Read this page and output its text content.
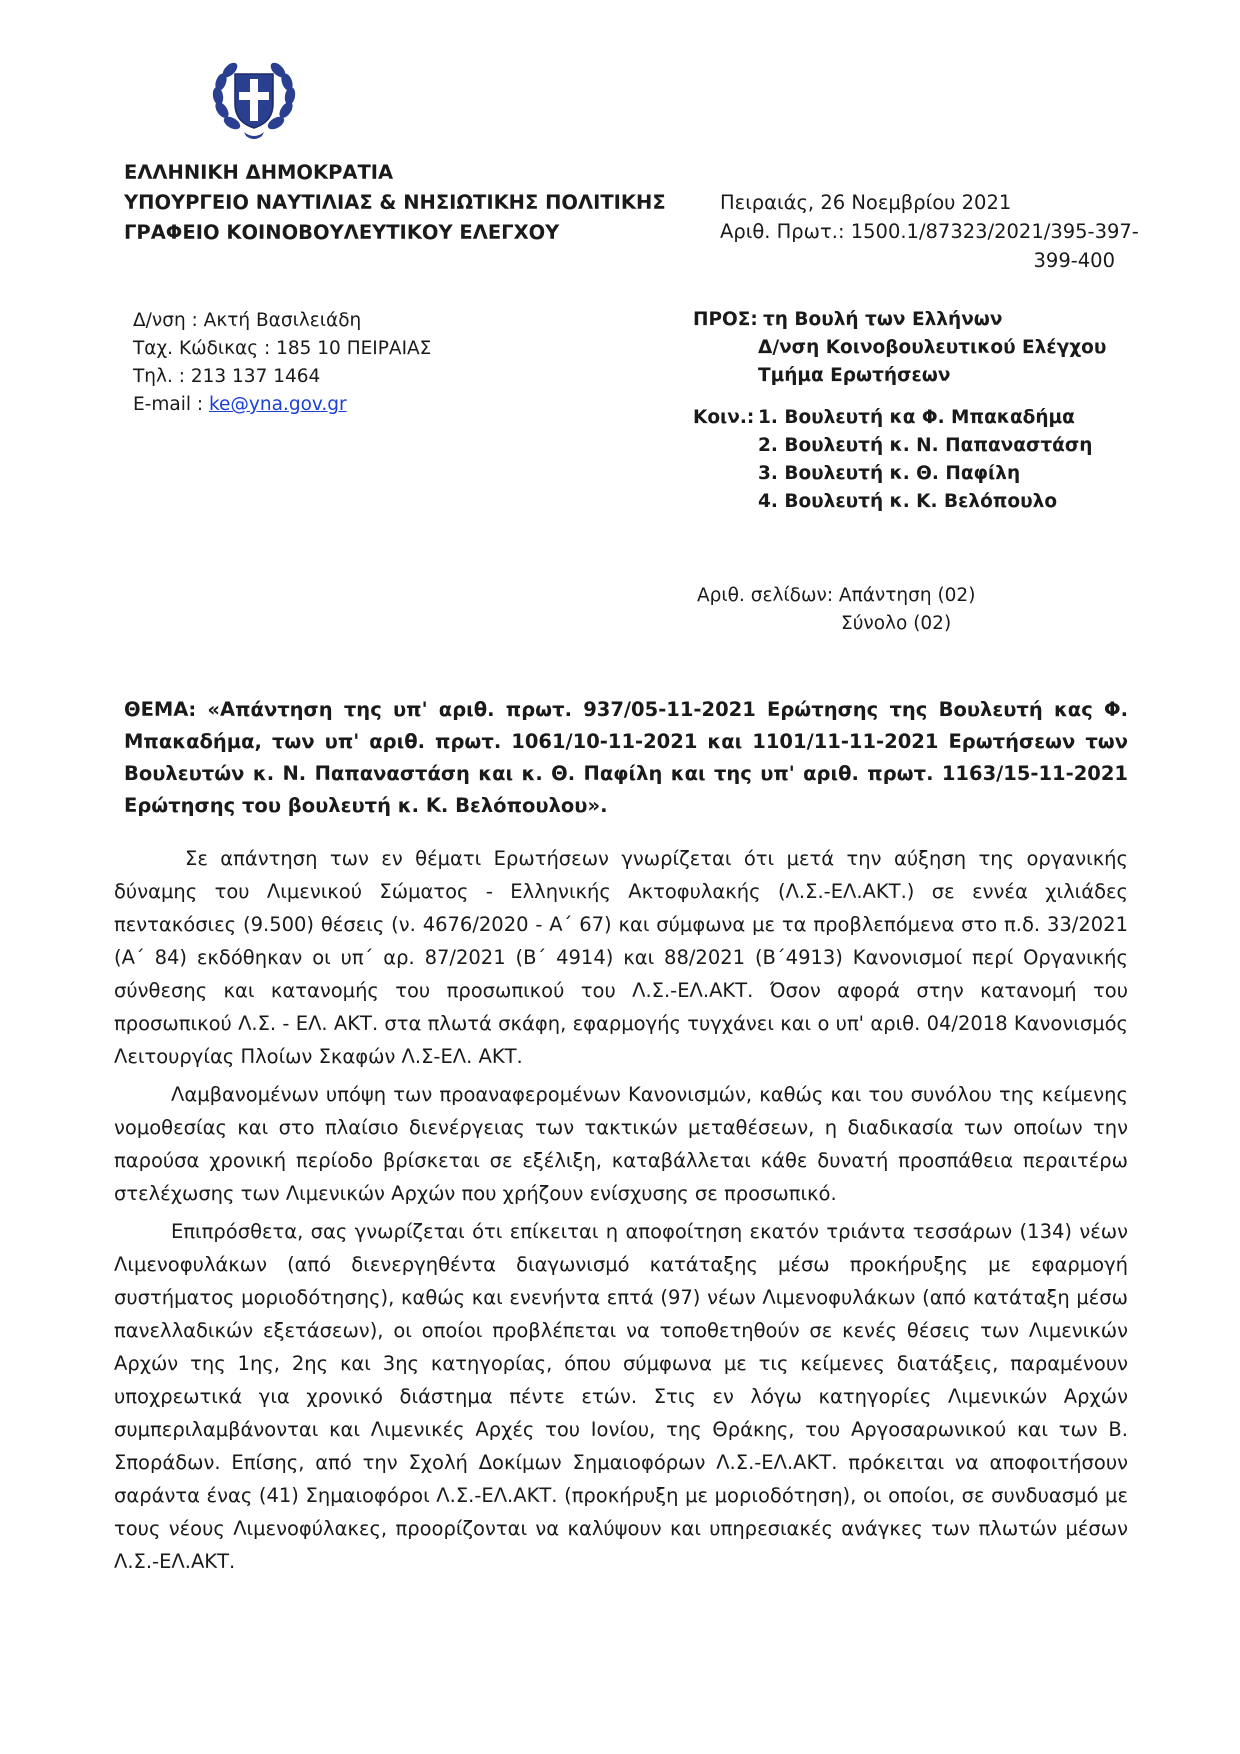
ΕΛΛΗΝΙΚΗ ΔΗΜΟΚΡΑΤΙΑ
ΥΠΟΥΡΓΕΙΟ ΝΑΥΤΙΛΙΑΣ & ΝΗΣΙΩΤΙΚΗΣ ΠΟΛΙΤΙΚΗΣ
ΓΡΑΦΕΙΟ ΚΟΙΝΟΒΟΥΛΕΥΤΙΚΟΥ ΕΛΕΓΧΟΥ
Πειραιάς, 26 Νοεμβρίου 2021
Αριθ. Πρωτ.: 1500.1/87323/2021/395-397-
399-400
Δ/νση : Ακτή Βασιλειάδη
Ταχ. Κώδικας : 185 10 ΠΕΙΡΑΙΑΣ
Τηλ. : 213 137 1464
E-mail : ke@yna.gov.gr
ΠΡΟΣ: τη Βουλή των Ελλήνων
Δ/νση Κοινοβουλευτικού Ελέγχου
Τμήμα Ερωτήσεων
Κοιν.: 1. Βουλευτή κα Φ. Μπακαδήμα
2. Βουλευτή κ. Ν. Παπαναστάση
3. Βουλευτή κ. Θ. Παφίλη
4. Βουλευτή κ. Κ. Βελόπουλο
Αριθ. σελίδων: Απάντηση (02)
Σύνολο (02)
ΘΕΜΑ: «Απάντηση της υπ' αριθ. πρωτ. 937/05-11-2021 Ερώτησης της Βουλευτή κας Φ. Μπακαδήμα, των υπ' αριθ. πρωτ. 1061/10-11-2021 και 1101/11-11-2021 Ερωτήσεων των Βουλευτών κ. Ν. Παπαναστάση και κ. Θ. Παφίλη και της υπ' αριθ. πρωτ. 1163/15-11-2021 Ερώτησης του βουλευτή κ. Κ. Βελόπουλου».

Σε απάντηση των εν θέματι Ερωτήσεων γνωρίζεται ότι μετά την αύξηση της οργανικής δύναμης του Λιμενικού Σώματος - Ελληνικής Ακτοφυλακής (Λ.Σ.-ΕΛ.ΑΚΤ.) σε εννέα χιλιάδες πεντακόσιες (9.500) θέσεις (ν. 4676/2020 - Α΄ 67) και σύμφωνα με τα προβλεπόμενα στο π.δ. 33/2021 (Α΄ 84) εκδόθηκαν οι υπ΄ αρ. 87/2021 (Β΄ 4914) και 88/2021 (Β΄4913) Κανονισμοί περί Οργανικής σύνθεσης και κατανομής του προσωπικού του Λ.Σ.-ΕΛ.ΑΚΤ. Όσον αφορά στην κατανομή του προσωπικού Λ.Σ. - ΕΛ. ΑΚΤ. στα πλωτά σκάφη, εφαρμογής τυγχάνει και ο υπ' αριθ. 04/2018 Κανονισμός Λειτουργίας Πλοίων Σκαφών Λ.Σ-ΕΛ. ΑΚΤ.

Λαμβανομένων υπόψη των προαναφερομένων Κανονισμών, καθώς και του συνόλου της κείμενης νομοθεσίας και στο πλαίσιο διενέργειας των τακτικών μεταθέσεων, η διαδικασία των οποίων την παρούσα χρονική περίοδο βρίσκεται σε εξέλιξη, καταβάλλεται κάθε δυνατή προσπάθεια περαιτέρω στελέχωσης των Λιμενικών Αρχών που χρήζουν ενίσχυσης σε προσωπικό.

Επιπρόσθετα, σας γνωρίζεται ότι επίκειται η αποφοίτηση εκατόν τριάντα τεσσάρων (134) νέων Λιμενοφυλάκων (από διενεργηθέντα διαγωνισμό κατάταξης μέσω προκήρυξης με εφαρμογή συστήματος μοριοδότησης), καθώς και ενενήντα επτά (97) νέων Λιμενοφυλάκων (από κατάταξη μέσω πανελλαδικών εξετάσεων), οι οποίοι προβλέπεται να τοποθετηθούν σε κενές θέσεις των Λιμενικών Αρχών της 1ης, 2ης και 3ης κατηγορίας, όπου σύμφωνα με τις κείμενες διατάξεις, παραμένουν υποχρεωτικά για χρονικό διάστημα πέντε ετών. Στις εν λόγω κατηγορίες Λιμενικών Αρχών συμπεριλαμβάνονται και Λιμενικές Αρχές του Ιονίου, της Θράκης, του Αργοσαρωνικού και των Β. Σποράδων. Επίσης, από την Σχολή Δοκίμων Σημαιοφόρων Λ.Σ.-ΕΛ.ΑΚΤ. πρόκειται να αποφοιτήσουν σαράντα ένας (41) Σημαιοφόροι Λ.Σ.-ΕΛ.ΑΚΤ. (προκήρυξη με μοριοδότηση), οι οποίοι, σε συνδυασμό με τους νέους Λιμενοφύλακες, προορίζονται να καλύψουν και υπηρεσιακές ανάγκες των πλωτών μέσων Λ.Σ.-ΕΛ.ΑΚΤ.
